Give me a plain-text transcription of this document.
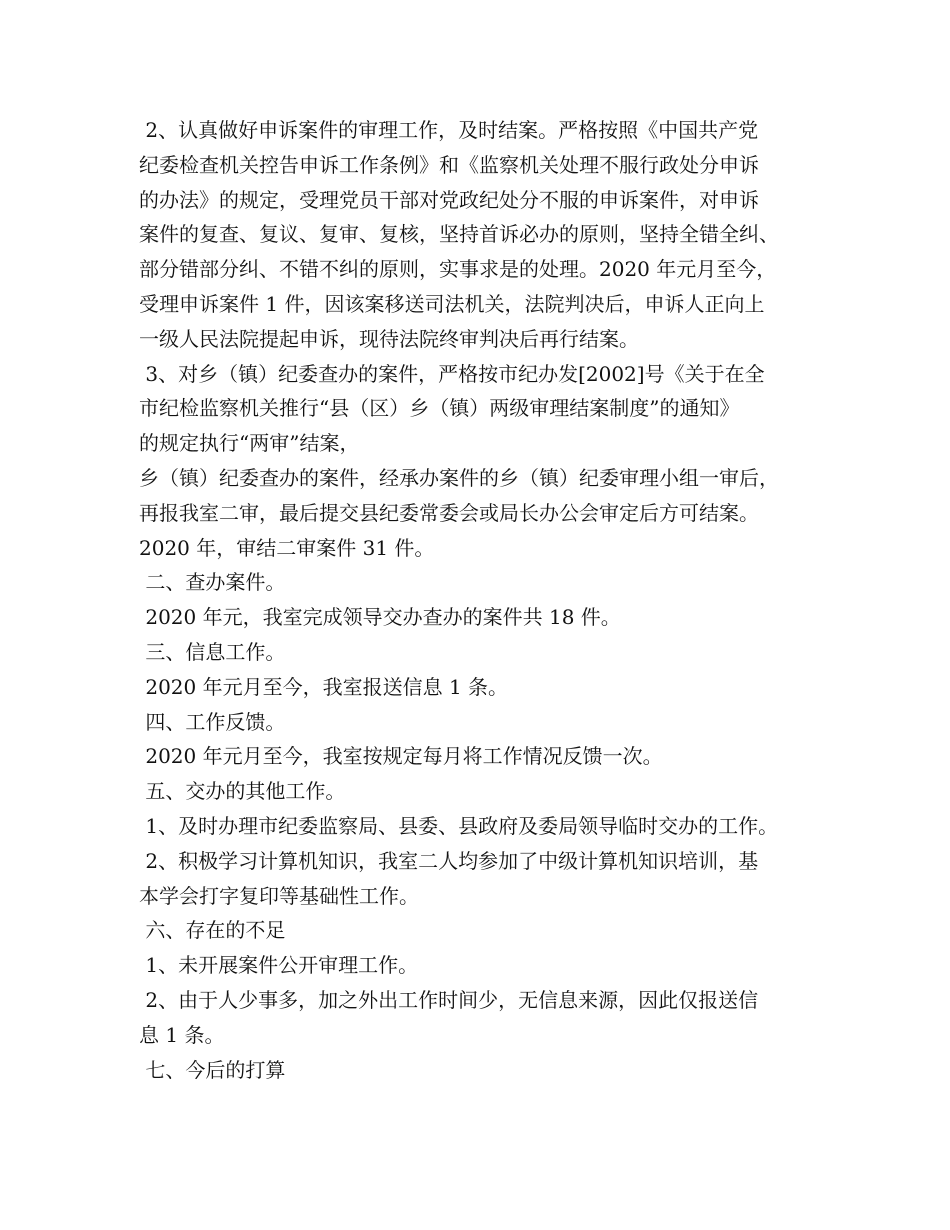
2、认真做好申诉案件的审理工作，及时结案。严格按照《中国共产党

纪委检查机关控告申诉工作条例》和《监察机关处理不服行政处分申诉

的办法》的规定，受理党员干部对党政纪处分不服的申诉案件，对申诉

案件的复查、复议、复审、复核，坚持首诉必办的原则，坚持全错全纠、

部分错部分纠、不错不纠的原则，实事求是的处理。2020 年元月至今，

受理申诉案件 1 件，因该案移送司法机关，法院判决后，申诉人正向上

一级人民法院提起申诉，现待法院终审判决后再行结案。

3、对乡（镇）纪委查办的案件，严格按市纪办发[2002]号《关于在全

市纪检监察机关推行“县（区）乡（镇）两级审理结案制度”的通知》

的规定执行“两审”结案，

乡（镇）纪委查办的案件，经承办案件的乡（镇）纪委审理小组一审后，

再报我室二审，最后提交县纪委常委会或局长办公会审定后方可结案。

2020 年，审结二审案件 31 件。

二、查办案件。

2020 年元，我室完成领导交办查办的案件共 18 件。

三、信息工作。

2020 年元月至今，我室报送信息 1 条。

四、工作反馈。

2020 年元月至今，我室按规定每月将工作情况反馈一次。

五、交办的其他工作。

1、及时办理市纪委监察局、县委、县政府及委局领导临时交办的工作。

2、积极学习计算机知识，我室二人均参加了中级计算机知识培训，基

本学会打字复印等基础性工作。

六、存在的不足

1、未开展案件公开审理工作。

2、由于人少事多，加之外出工作时间少，无信息来源，因此仅报送信

息 1 条。

七、今后的打算
